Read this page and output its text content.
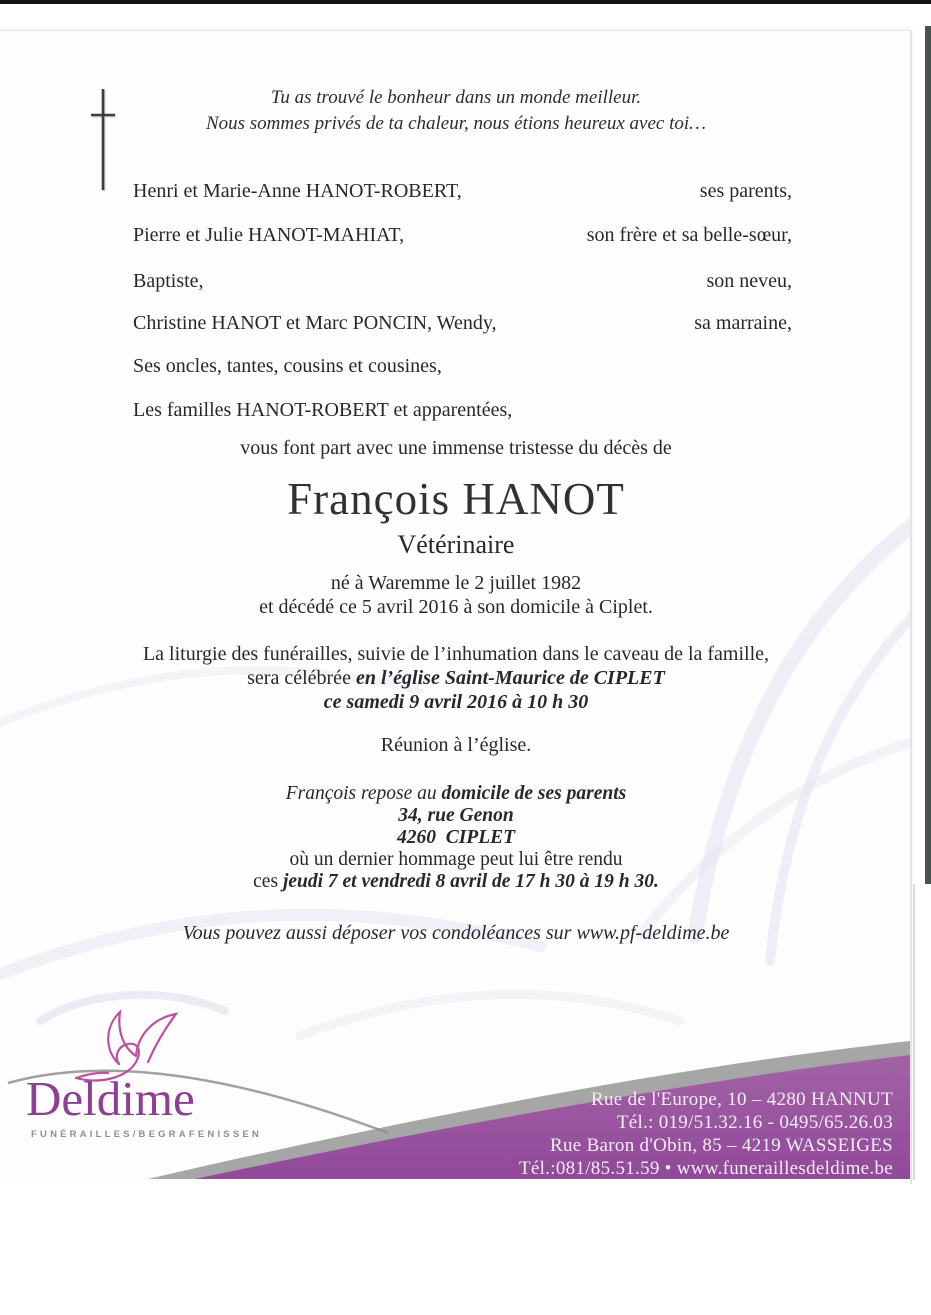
Tu as trouvé le bonheur dans un monde meilleur.
Nous sommes privés de ta chaleur, nous étions heureux avec toi…
Henri et Marie-Anne HANOT-ROBERT,	ses parents,
Pierre et Julie HANOT-MAHIAT,	son frère et sa belle-sœur,
Baptiste,	son neveu,
Christine HANOT et Marc PONCIN, Wendy,	sa marraine,
Ses oncles, tantes, cousins et cousines,
Les familles HANOT-ROBERT et apparentées,
vous font part avec une immense tristesse du décès de
François HANOT
Vétérinaire
né à Waremme le 2 juillet 1982
et décédé ce 5 avril 2016 à son domicile à Ciplet.
La liturgie des funérailles, suivie de l’inhumation dans le caveau de la famille,
sera célébrée en l’église Saint-Maurice de CIPLET
ce samedi 9 avril 2016 à 10 h 30
Réunion à l’église.
François repose au domicile de ses parents
34, rue Genon
4260  CIPLET
où un dernier hommage peut lui être rendu
ces jeudi 7 et vendredi 8 avril de 17 h 30 à 19 h 30.
Vous pouvez aussi déposer vos condoléances sur www.pf-deldime.be
Deldime
FUNÉRAILLES/BEGRAFENISSEN
Rue de l'Europe, 10 – 4280 HANNUT
Tél.: 019/51.32.16 - 0495/65.26.03
Rue Baron d'Obin, 85 – 4219 WASSEIGES
Tél.:081/85.51.59 • www.funeraillesdeldime.be
